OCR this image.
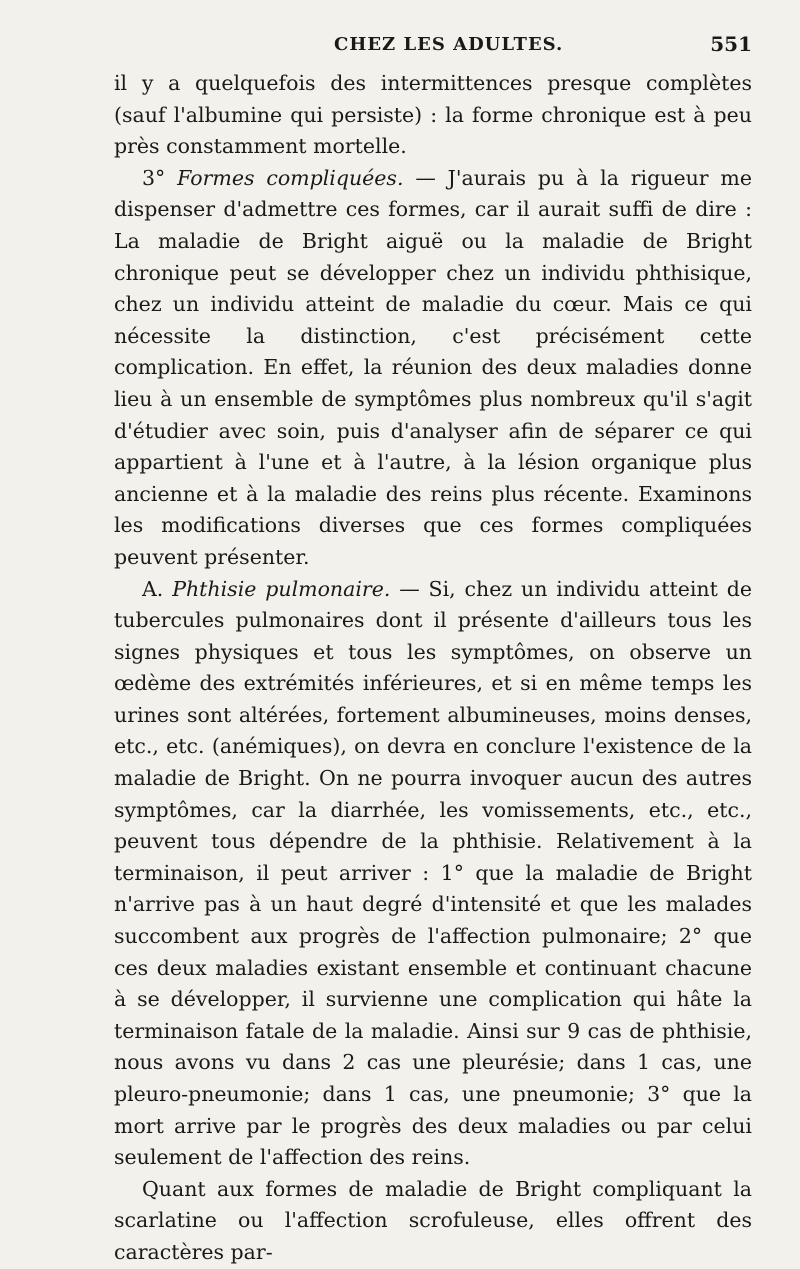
CHEZ LES ADULTES.	551

il y a quelquefois des intermittences presque complètes (sauf l'albumine qui persiste) : la forme chronique est à peu près constamment mortelle.

3° Formes compliquées. — J'aurais pu à la rigueur me dispenser d'admettre ces formes, car il aurait suffi de dire : La maladie de Bright aiguë ou la maladie de Bright chronique peut se développer chez un individu phthisique, chez un individu atteint de maladie du cœur. Mais ce qui nécessite la distinction, c'est précisément cette complication. En effet, la réunion des deux maladies donne lieu à un ensemble de symptômes plus nombreux qu'il s'agit d'étudier avec soin, puis d'analyser afin de séparer ce qui appartient à l'une et à l'autre, à la lésion organique plus ancienne et à la maladie des reins plus récente. Examinons les modifications diverses que ces formes compliquées peuvent présenter.

A. Phthisie pulmonaire. — Si, chez un individu atteint de tubercules pulmonaires dont il présente d'ailleurs tous les signes physiques et tous les symptômes, on observe un œdème des extrémités inférieures, et si en même temps les urines sont altérées, fortement albumineuses, moins denses, etc., etc. (anémiques), on devra en conclure l'existence de la maladie de Bright. On ne pourra invoquer aucun des autres symptômes, car la diarrhée, les vomissements, etc., etc., peuvent tous dépendre de la phthisie. Relativement à la terminaison, il peut arriver : 1° que la maladie de Bright n'arrive pas à un haut degré d'intensité et que les malades succombent aux progrès de l'affection pulmonaire; 2° que ces deux maladies existant ensemble et continuant chacune à se développer, il survienne une complication qui hâte la terminaison fatale de la maladie. Ainsi sur 9 cas de phthisie, nous avons vu dans 2 cas une pleurésie; dans 1 cas, une pleuro-pneumonie; dans 1 cas, une pneumonie; 3° que la mort arrive par le progrès des deux maladies ou par celui seulement de l'affection des reins.

Quant aux formes de maladie de Bright compliquant la scarlatine ou l'affection scrofuleuse, elles offrent des caractères par-
